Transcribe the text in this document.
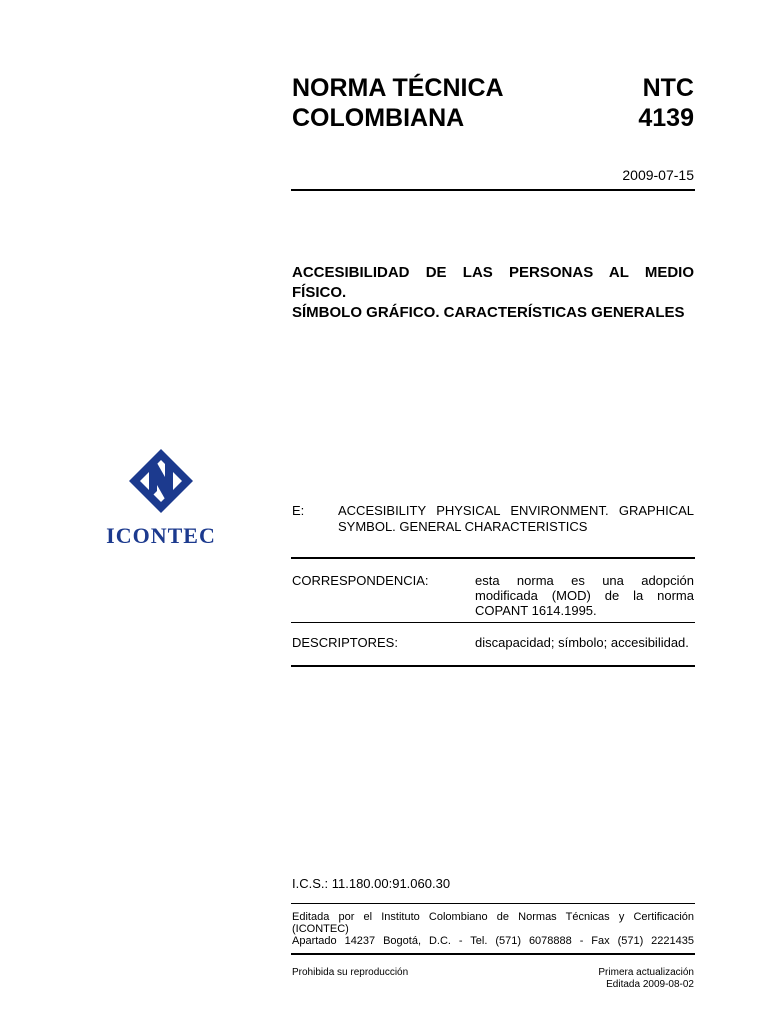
NORMA TÉCNICA
COLOMBIANA
NTC
4139
2009-07-15
ACCESIBILIDAD DE LAS PERSONAS AL MEDIO
FÍSICO.
SÍMBOLO GRÁFICO. CARACTERÍSTICAS GENERALES
ICONTEC
E:	ACCESIBILITY PHYSICAL ENVIRONMENT. GRAPHICAL
SYMBOL. GENERAL CHARACTERISTICS
CORRESPONDENCIA:	esta norma es una adopción
modificada (MOD) de la norma
COPANT 1614.1995.
DESCRIPTORES:	discapacidad; símbolo; accesibilidad.
I.C.S.: 11.180.00:91.060.30
Editada por el Instituto Colombiano de Normas Técnicas y Certificación (ICONTEC)
Apartado 14237 Bogotá, D.C. - Tel. (571) 6078888 - Fax (571) 2221435
Prohibida su reproducción	Primera actualización
Editada 2009-08-02
